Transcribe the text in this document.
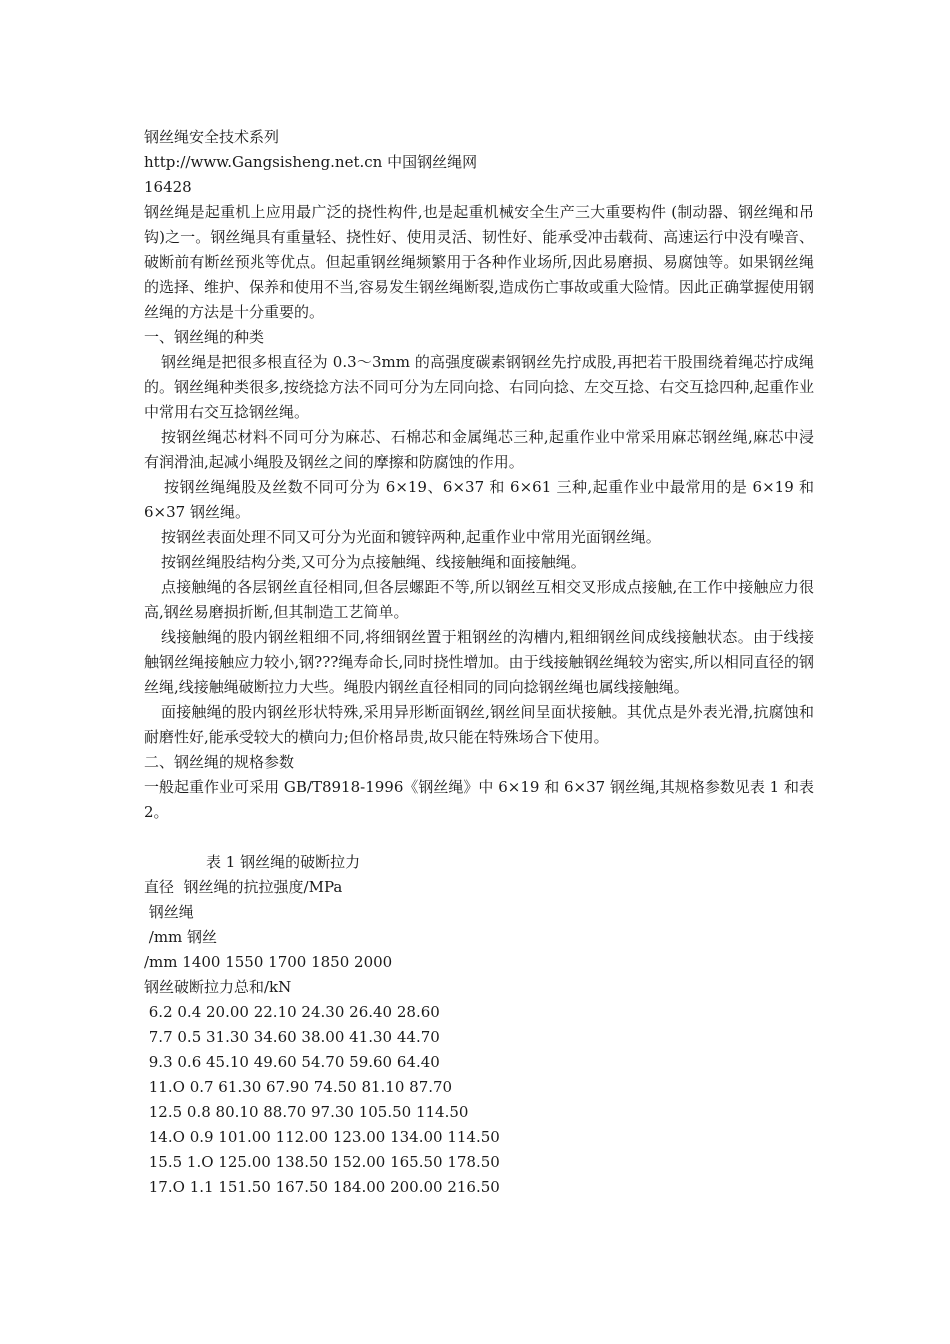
钢丝绳安全技术系列
http://www.Gangsisheng.net.cn 中国钢丝绳网
16428
钢丝绳是起重机上应用最广泛的挠性构件,也是起重机械安全生产三大重要构件 (制动器、钢丝绳和吊钩)之一。钢丝绳具有重量轻、挠性好、使用灵活、韧性好、能承受冲击载荷、高速运行中没有噪音、破断前有断丝预兆等优点。但起重钢丝绳频繁用于各种作业场所,因此易磨损、易腐蚀等。如果钢丝绳的选择、维护、保养和使用不当,容易发生钢丝绳断裂,造成伤亡事故或重大险情。因此正确掌握使用钢丝绳的方法是十分重要的。
一、钢丝绳的种类
钢丝绳是把很多根直径为 0.3～3mm 的高强度碳素钢钢丝先拧成股,再把若干股围绕着绳芯拧成绳的。钢丝绳种类很多,按绕捻方法不同可分为左同向捻、右同向捻、左交互捻、右交互捻四种,起重作业中常用右交互捻钢丝绳。
按钢丝绳芯材料不同可分为麻芯、石棉芯和金属绳芯三种,起重作业中常采用麻芯钢丝绳,麻芯中浸有润滑油,起减小绳股及钢丝之间的摩擦和防腐蚀的作用。
按钢丝绳绳股及丝数不同可分为 6×19、6×37 和 6×61 三种,起重作业中最常用的是 6×19 和 6×37 钢丝绳。
按钢丝表面处理不同又可分为光面和镀锌两种,起重作业中常用光面钢丝绳。
按钢丝绳股结构分类,又可分为点接触绳、线接触绳和面接触绳。
点接触绳的各层钢丝直径相同,但各层螺距不等,所以钢丝互相交叉形成点接触,在工作中接触应力很高,钢丝易磨损折断,但其制造工艺简单。
线接触绳的股内钢丝粗细不同,将细钢丝置于粗钢丝的沟槽内,粗细钢丝间成线接触状态。由于线接触钢丝绳接触应力较小,钢???绳寿命长,同时挠性增加。由于线接触钢丝绳较为密实,所以相同直径的钢丝绳,线接触绳破断拉力大些。绳股内钢丝直径相同的同向捻钢丝绳也属线接触绳。
面接触绳的股内钢丝形状特殊,采用异形断面钢丝,钢丝间呈面状接触。其优点是外表光滑,抗腐蚀和耐磨性好,能承受较大的横向力;但价格昂贵,故只能在特殊场合下使用。
二、钢丝绳的规格参数
一般起重作业可采用 GB/T8918-1996《钢丝绳》中 6×19 和 6×37 钢丝绳,其规格参数见表 1 和表 2。
表 1 钢丝绳的破断拉力
直径  钢丝绳的抗拉强度/MPa
钢丝绳
/mm 钢丝
/mm 1400 1550 1700 1850 2000
钢丝破断拉力总和/kN
6.2 0.4 20.00 22.10 24.30 26.40 28.60
7.7 0.5 31.30 34.60 38.00 41.30 44.70
9.3 0.6 45.10 49.60 54.70 59.60 64.40
11.O 0.7 61.30 67.90 74.50 81.10 87.70
12.5 0.8 80.10 88.70 97.30 105.50 114.50
14.O 0.9 101.00 112.00 123.00 134.00 114.50
15.5 1.O 125.00 138.50 152.00 165.50 178.50
17.O 1.1 151.50 167.50 184.00 200.00 216.50
